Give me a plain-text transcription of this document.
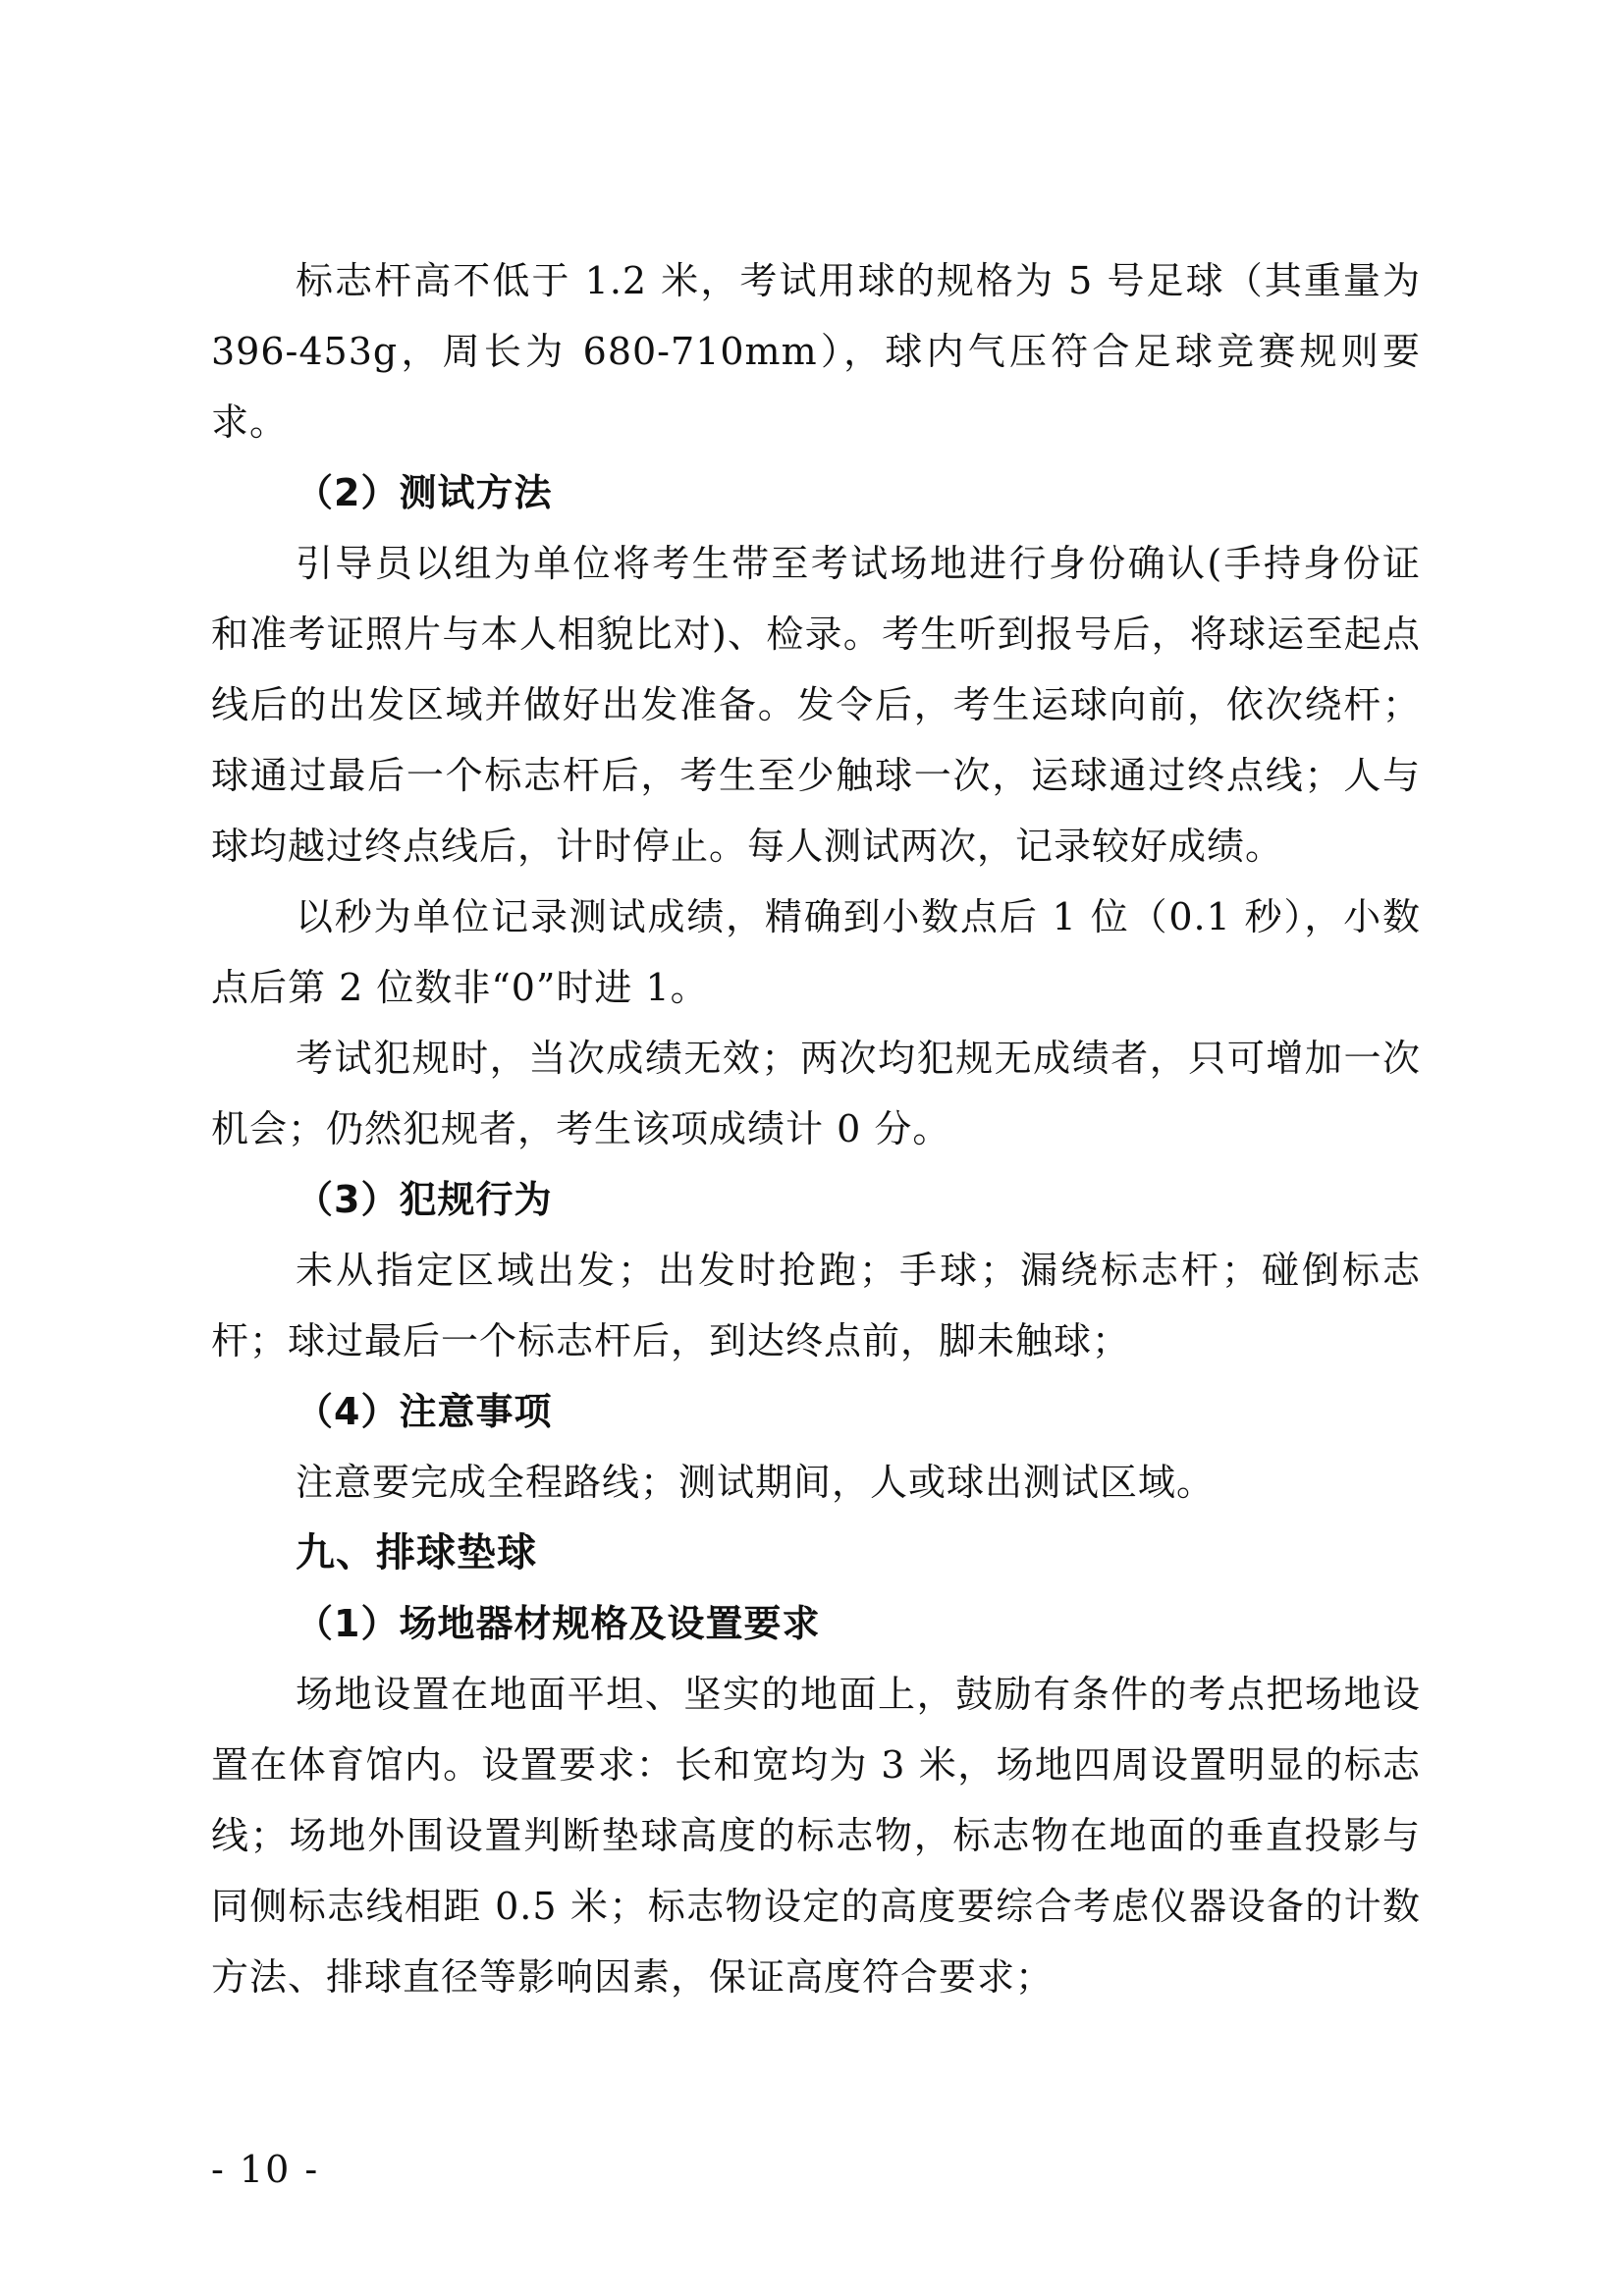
标志杆高不低于 1.2 米，考试用球的规格为 5 号足球（其重量为 396-453g，周长为 680-710mm），球内气压符合足球竞赛规则要求。

（2）测试方法

引导员以组为单位将考生带至考试场地进行身份确认(手持身份证和准考证照片与本人相貌比对)、检录。考生听到报号后，将球运至起点线后的出发区域并做好出发准备。发令后，考生运球向前，依次绕杆；球通过最后一个标志杆后，考生至少触球一次，运球通过终点线；人与球均越过终点线后，计时停止。每人测试两次，记录较好成绩。

以秒为单位记录测试成绩，精确到小数点后 1 位（0.1 秒），小数点后第 2 位数非“0”时进 1。

考试犯规时，当次成绩无效；两次均犯规无成绩者，只可增加一次机会；仍然犯规者，考生该项成绩计 0 分。

（3）犯规行为

未从指定区域出发；出发时抢跑；手球；漏绕标志杆；碰倒标志杆；球过最后一个标志杆后，到达终点前，脚未触球；

（4）注意事项

注意要完成全程路线；测试期间，人或球出测试区域。

九、排球垫球

（1）场地器材规格及设置要求

场地设置在地面平坦、坚实的地面上，鼓励有条件的考点把场地设置在体育馆内。设置要求：长和宽均为 3 米，场地四周设置明显的标志线；场地外围设置判断垫球高度的标志物，标志物在地面的垂直投影与同侧标志线相距 0.5 米；标志物设定的高度要综合考虑仪器设备的计数方法、排球直径等影响因素，保证高度符合要求；

- 10 -
